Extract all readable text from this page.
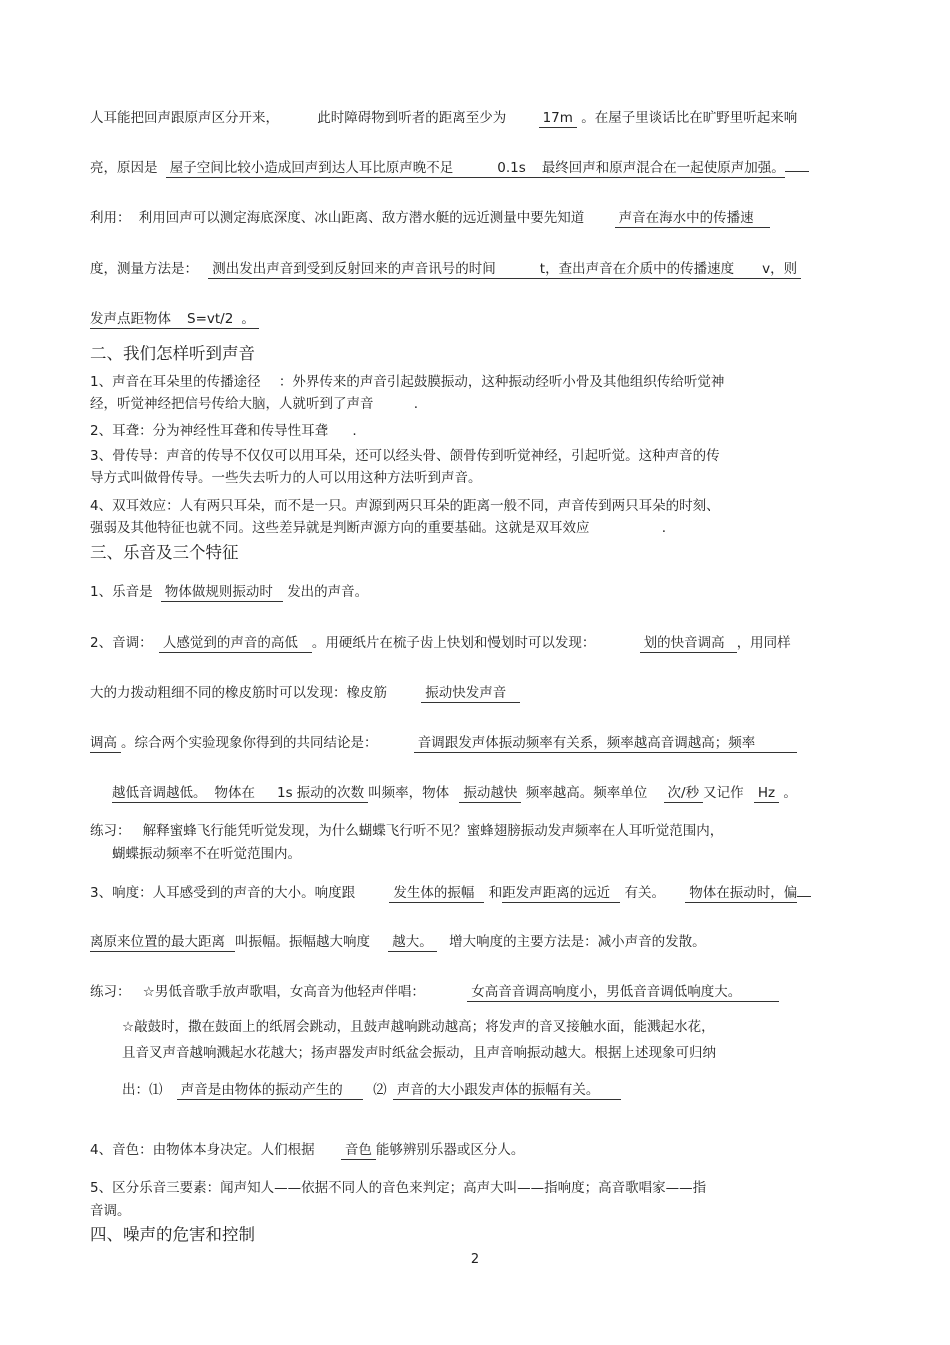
人耳能把回声跟原声区分开来，	此时障碍物到听者的距离至少为	17m 。在屋子里谈话比在旷野里听起来响
亮，原因是 屋子空间比较小造成回声到达人耳比原声晚不足	0.1s 最终回声和原声混合在一起使原声加强。
利用： 利用回声可以测定海底深度、冰山距离、敌方潜水艇的远近测量中要先知道	声音在海水中的传播速
度，测量方法是： 测出发出声音到受到反射回来的声音讯号的时间	t，查出声音在介质中的传播速度 v，则
发声点距物体 S=vt/2 。
二、我们怎样听到声音
1、声音在耳朵里的传播途径 ：外界传来的声音引起鼓膜振动，这种振动经听小骨及其他组织传给听觉神
经，听觉神经把信号传给大脑，人就听到了声音	.
2、耳聋：分为神经性耳聋和传导性耳聋 .
3、骨传导：声音的传导不仅仅可以用耳朵，还可以经头骨、颌骨传到听觉神经，引起听觉。这种声音的传
导方式叫做骨传导。一些失去听力的人可以用这种方法听到声音。
4、双耳效应：人有两只耳朵，而不是一只。声源到两只耳朵的距离一般不同，声音传到两只耳朵的时刻、
强弱及其他特征也就不同。这些差异就是判断声源方向的重要基础。这就是双耳效应	.
三、乐音及三个特征
1、乐音是 物体做规则振动时 发出的声音。
2、音调： 人感觉到的声音的高低 。用硬纸片在梳子齿上快划和慢划时可以发现：	划的快音调高 ，用同样
大的力拨动粗细不同的橡皮筋时可以发现：橡皮筋	振动快发声音
调高 。综合两个实验现象你得到的共同结论是：	音调跟发声体振动频率有关系，频率越高音调越高；频率
越低音调越低。 物体在 1s 振动的次数 叫频率，物体 振动越快 频率越高。频率单位 次/秒 又记作 Hz 。
练习： 解释蜜蜂飞行能凭听觉发现，为什么蝴蝶飞行听不见？蜜蜂翅膀振动发声频率在人耳听觉范围内，
蝴蝶振动频率不在听觉范围内。
3、响度：人耳感受到的声音的大小。响度跟	发生体的振幅 和距发声距离的远近 有关。 物体在振动时，偏
离原来位置的最大距离 叫振幅。振幅越大响度 越大。 增大响度的主要方法是：减小声音的发散。
练习： ☆男低音歌手放声歌唱，女高音为他轻声伴唱：	女高音音调高响度小，男低音音调低响度大。
☆敲鼓时，撒在鼓面上的纸屑会跳动，且鼓声越响跳动越高；将发声的音叉接触水面，能溅起水花，
且音叉声音越响溅起水花越大；扬声器发声时纸盆会振动，且声音响振动越大。根据上述现象可归纳
出：⑴ 声音是由物体的振动产生的 ⑵ 声音的大小跟发声体的振幅有关。
4、音色：由物体本身决定。人们根据 音色 能够辨别乐器或区分人。
5、区分乐音三要素：闻声知人——依据不同人的音色来判定；高声大叫——指响度；高音歌唱家——指
音调。
四、噪声的危害和控制
2
